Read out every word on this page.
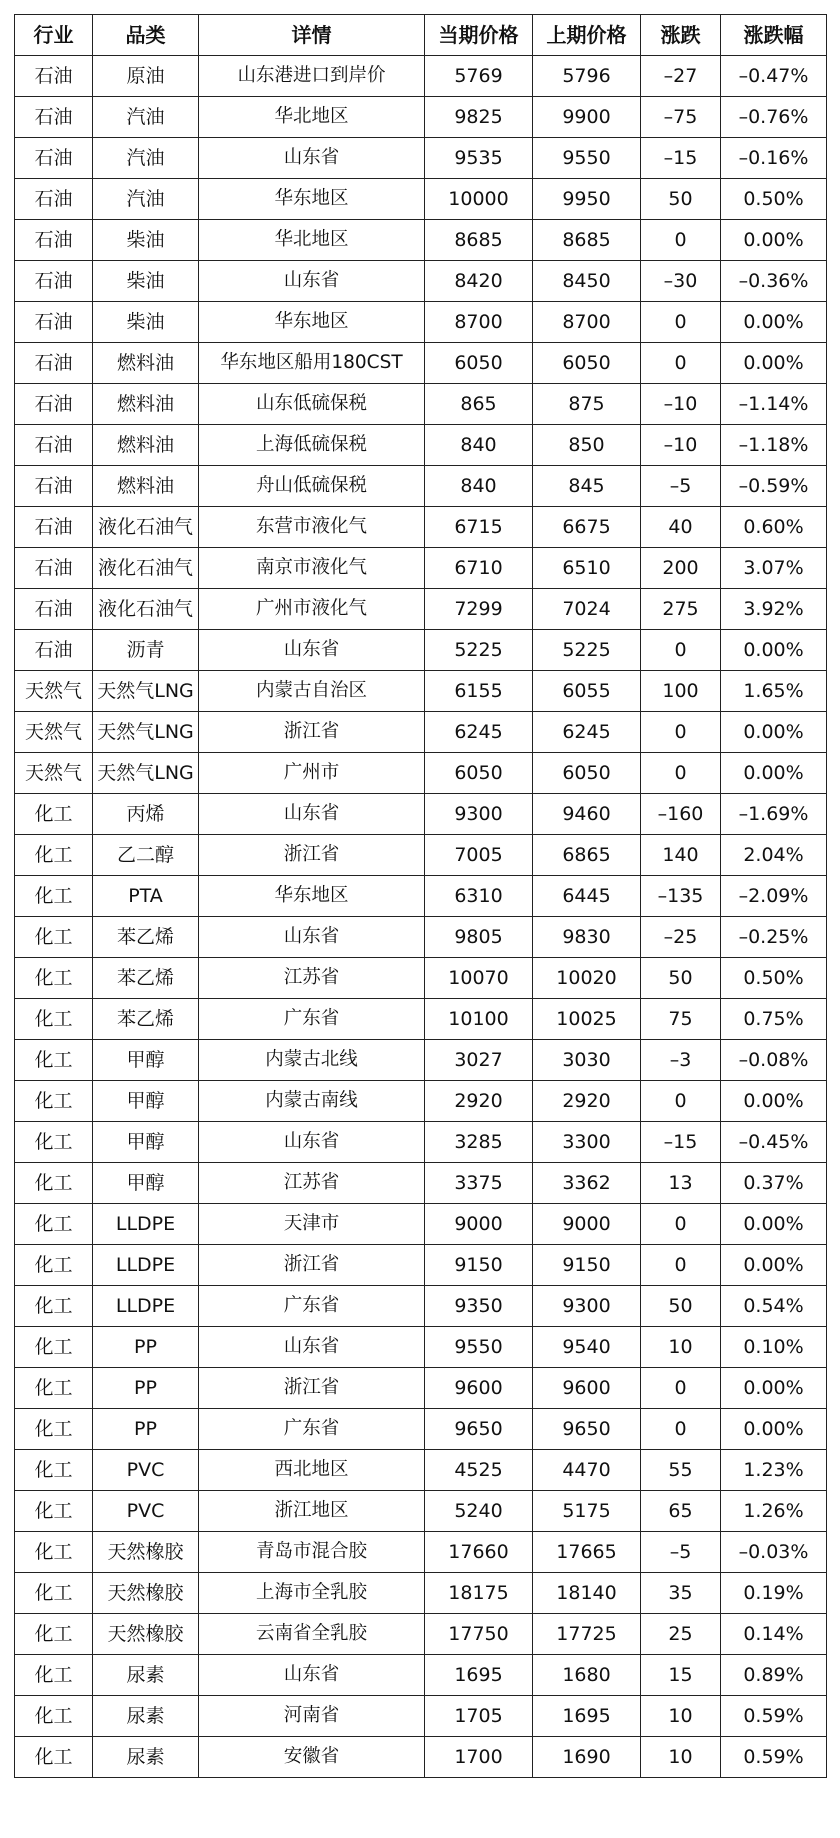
行业	品类	详情	当期价格	上期价格	涨跌	涨跌幅
石油	原油	山东港进口到岸价	5769	5796	–27	–0.47%
石油	汽油	华北地区	9825	9900	–75	–0.76%
石油	汽油	山东省	9535	9550	–15	–0.16%
石油	汽油	华东地区	10000	9950	50	0.50%
石油	柴油	华北地区	8685	8685	0	0.00%
石油	柴油	山东省	8420	8450	–30	–0.36%
石油	柴油	华东地区	8700	8700	0	0.00%
石油	燃料油	华东地区船用180CST	6050	6050	0	0.00%
石油	燃料油	山东低硫保税	865	875	–10	–1.14%
石油	燃料油	上海低硫保税	840	850	–10	–1.18%
石油	燃料油	舟山低硫保税	840	845	–5	–0.59%
石油	液化石油气	东营市液化气	6715	6675	40	0.60%
石油	液化石油气	南京市液化气	6710	6510	200	3.07%
石油	液化石油气	广州市液化气	7299	7024	275	3.92%
石油	沥青	山东省	5225	5225	0	0.00%
天然气	天然气LNG	内蒙古自治区	6155	6055	100	1.65%
天然气	天然气LNG	浙江省	6245	6245	0	0.00%
天然气	天然气LNG	广州市	6050	6050	0	0.00%
化工	丙烯	山东省	9300	9460	–160	–1.69%
化工	乙二醇	浙江省	7005	6865	140	2.04%
化工	PTA	华东地区	6310	6445	–135	–2.09%
化工	苯乙烯	山东省	9805	9830	–25	–0.25%
化工	苯乙烯	江苏省	10070	10020	50	0.50%
化工	苯乙烯	广东省	10100	10025	75	0.75%
化工	甲醇	内蒙古北线	3027	3030	–3	–0.08%
化工	甲醇	内蒙古南线	2920	2920	0	0.00%
化工	甲醇	山东省	3285	3300	–15	–0.45%
化工	甲醇	江苏省	3375	3362	13	0.37%
化工	LLDPE	天津市	9000	9000	0	0.00%
化工	LLDPE	浙江省	9150	9150	0	0.00%
化工	LLDPE	广东省	9350	9300	50	0.54%
化工	PP	山东省	9550	9540	10	0.10%
化工	PP	浙江省	9600	9600	0	0.00%
化工	PP	广东省	9650	9650	0	0.00%
化工	PVC	西北地区	4525	4470	55	1.23%
化工	PVC	浙江地区	5240	5175	65	1.26%
化工	天然橡胶	青岛市混合胶	17660	17665	–5	–0.03%
化工	天然橡胶	上海市全乳胶	18175	18140	35	0.19%
化工	天然橡胶	云南省全乳胶	17750	17725	25	0.14%
化工	尿素	山东省	1695	1680	15	0.89%
化工	尿素	河南省	1705	1695	10	0.59%
化工	尿素	安徽省	1700	1690	10	0.59%
